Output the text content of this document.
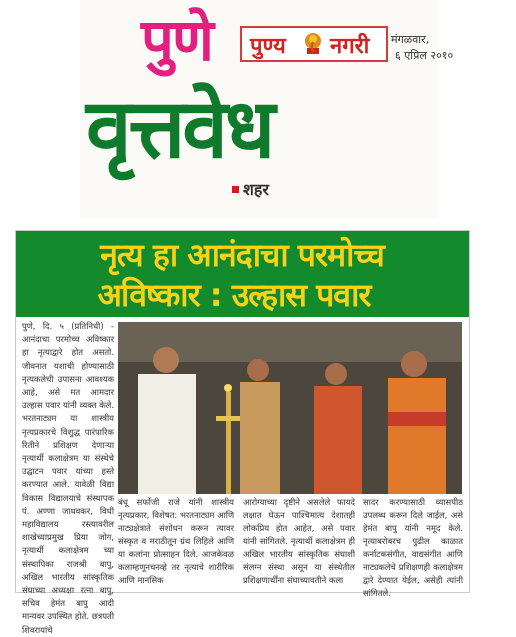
पुणे पुण्य नगरी मंगळवार,
६ एप्रिल २०१०
वृत्तवेध
शहर
नृत्य हा आनंदाचा परमोच्च
अविष्कार : उल्हास पवार

पुणे, दि. ५ (प्रतिनिधी) - आनंदाचा परमोच्च अविष्कार हा नृत्याद्वारे होत असतो. जीवनात यशाची होण्यासाठी नृत्यकलेची उपासना आवश्यक आहे, असे मत आमदार उल्हास पवार यांनी व्यक्त केले. भरतनाट्यम या शास्त्रीय नृत्यप्रकारचे विशुद्ध पारंपारिक रितीने प्रशिक्षण देणाऱ्या नृत्यार्थी कलाक्षेत्रम या संस्थेचे उद्घाटन पवार यांच्या हस्ते करण्यात आले. यावेळी विद्या विकास विद्यालयाचे संस्थापक पं. अण्णा जाधवकर, विधी महाविद्यालय रस्त्यावरील शाखेच्याप्रमुख प्रिया जोग, नृत्यार्थी कलाक्षेत्रम च्या संस्थापिका राजश्री बापु, अखिल भारतीय सांस्कृतिक संघाच्या अध्यक्षा रत्ना बापु, सचिव हेमंत बापु आदी मान्यवर उपस्थित होते. छत्रपती शिवरायांचे

बंधू सर्फोजी राजे यांनी शास्त्रीय नृत्यप्रकार, विशेषत: भरतनाट्यम आणि नाट्यक्षेत्राते संशोधन करून त्यावर संस्कृत व मराठीतून ग्रंथ लिहिले आणि या कलांना प्रोत्साहन दिले. आजकेवळ कलाम्हणूनचनव्हे तर नृत्याचे शारीरिक आणि मानसिक

आरोग्याच्या दृष्टीने असलेले फायदे लक्षात घेऊन पाश्चिमात्य देशातही लोकप्रिय होत आहेत, असे पवार यांनी सांगितले. नृत्यार्थी कलाक्षेत्रम ही अखिल भारतीय सांस्कृतिक संघाशी संलग्न संस्था असून या संस्थेतील प्रशिक्षणार्थींना संघाच्यावतीने कला

सादर करण्यासाठी व्यासपीठ उपलब्ध करून दिले जाईल, असे हेमंत बापु यांनी नमूद केले. नृत्याबरोबरच पुढील काळात कर्नाटकसंगीत, वाद्यसंगीत आणि नाट्यकलेचे प्रशिक्षणही कलाक्षेत्रम द्वारे देण्यात येईल, असेही त्यांनी सांगितले.
